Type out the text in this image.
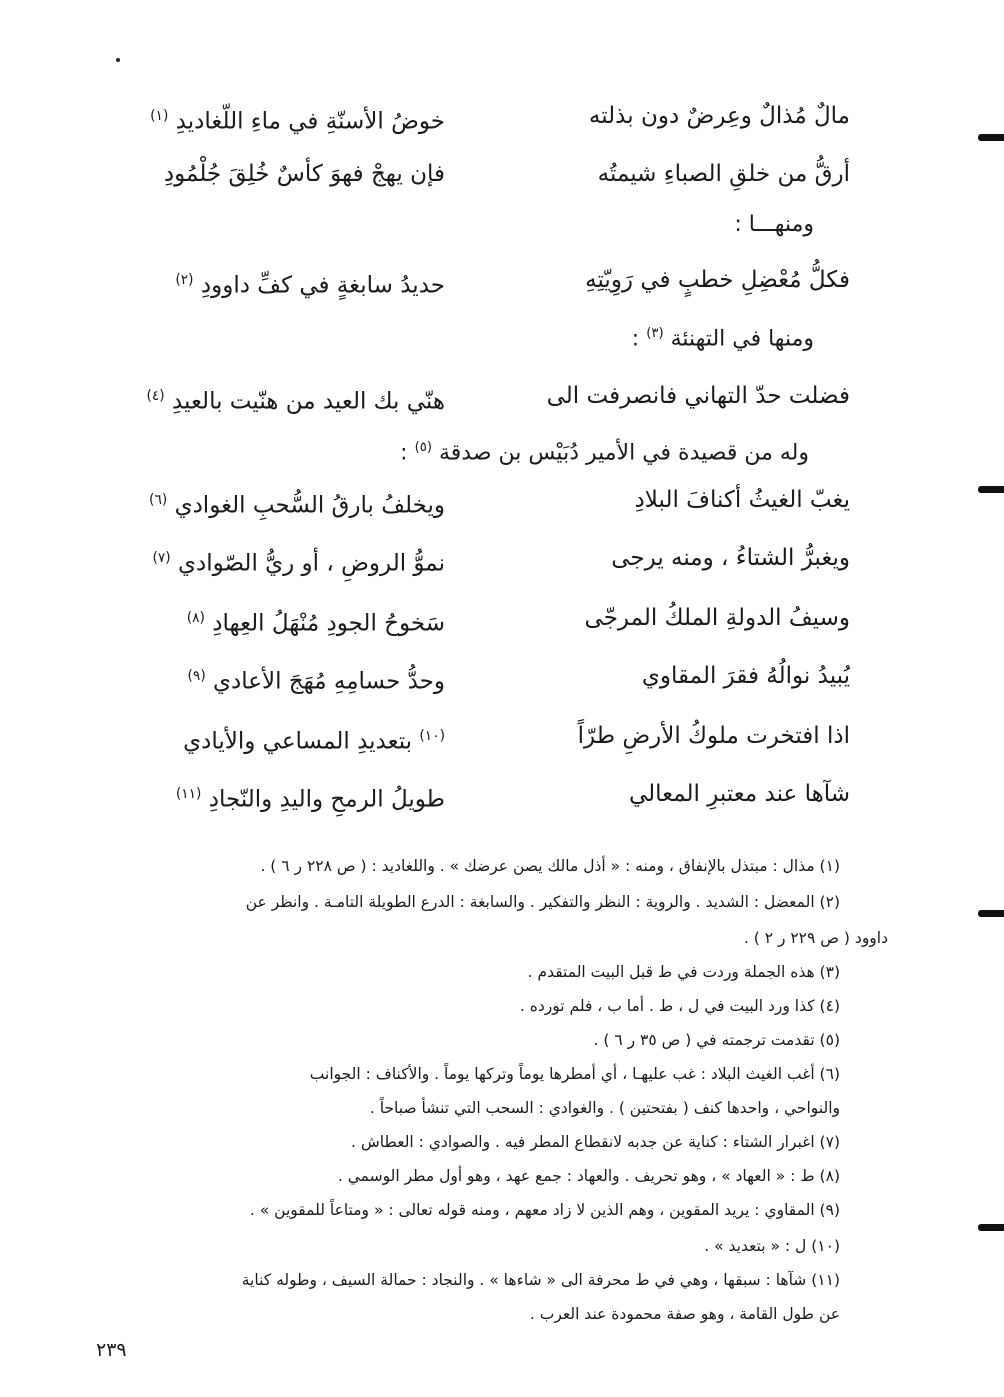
مالٌ مُذالٌ وعِرضٌ دون بذلته
خوضُ الأسنّةِ في ماءِ اللّغاديدِ $^{(١)}$
أرقُّ من خلقِ الصباءِ شيمتُه
فإن يهجْ فهوَ كأسٌ خُلِقَ جُلْمُودِ
ومنهـــا :
فكلُّ مُعْضِلِ خطبٍ في رَوِيّتِهِ
حديدُ سابغةٍ في كفِّ داوودِ $^{(٢)}$
ومنها في التهنئة $^{(٣)}$ :
فضلت حدّ التهاني فانصرفت الى
هنّي بك العيد من هنّيت بالعيدِ $^{(٤)}$
وله من قصيدة في الأمير دُبَيْس بن صدقة $^{(٥)}$ :
يغبّ الغيثُ أكنافَ البلادِ
ويخلفُ بارقُ السُّحبِ الغوادي $^{(٦)}$
ويغبرُّ الشتاءُ ، ومنه يرجى
نموُّ الروضِ ، أو ريُّ الصّوادي $^{(٧)}$
وسيفُ الدولةِ الملكُ المرجّى
سَخوحُ الجودِ مُنْهَلُ العِهادِ $^{(٨)}$
يُبيدُ نوالُهُ فقرَ المقاوي
وحدُّ حسامِهِ مُهَجَ الأعادي $^{(٩)}$
اذا افتخرت ملوكُ الأرضِ طرّاً
$^{(١٠)}$ بتعديدِ المساعي والأيادي
شآها عند معتبرِ المعالي
طويلُ الرمحِ واليدِ والنّجادِ $^{(١١)}$
(١) مذال : مبتذل بالإنفاق ، ومنه : « أذل مالك يصن عرضك » . واللغاديد : ( ص ٢٢٨ ر ٦ ) .
(٢) المعضل : الشديد . والروية : النظر والتفكير . والسابغة : الدرع الطويلة التامـة . وانظر عن
داوود ( ص ٢٢٩ ر ٢ ) .
(٣) هذه الجملة وردت في ط قبل البيت المتقدم .
(٤) كذا ورد البيت في ل ، ط . أما ب ، فلم تورده .
(٥) تقدمت ترجمته في ( ص ٣٥ ر ٦ ) .
(٦) أغب الغيث البلاد : غب عليهـا ، أي أمطرها يوماً وتركها يوماً . والأكناف : الجوانب
والنواحي ، واحدها كنف ( بفتحتين ) . والغوادي : السحب التي تنشأ صباحاً .
(٧) اغبرار الشتاء : كناية عن جدبه لانقطاع المطر فيه . والصوادي : العطاش .
(٨) ط : « العهاد » ، وهو تحريف . والعهاد : جمع عهد ، وهو أول مطر الوسمي .
(٩) المقاوي : يريد المقوين ، وهم الذين لا زاد معهم ، ومنه قوله تعالى : « ومتاعاً للمقوين » .
(١٠) ل : « بتعديد » .
(١١) شآها : سبقها ، وهي في ط محرفة الى « شاءها » . والنجاد : حمالة السيف ، وطوله كناية
عن طول القامة ، وهو صفة محمودة عند العرب .
٢٣٩
